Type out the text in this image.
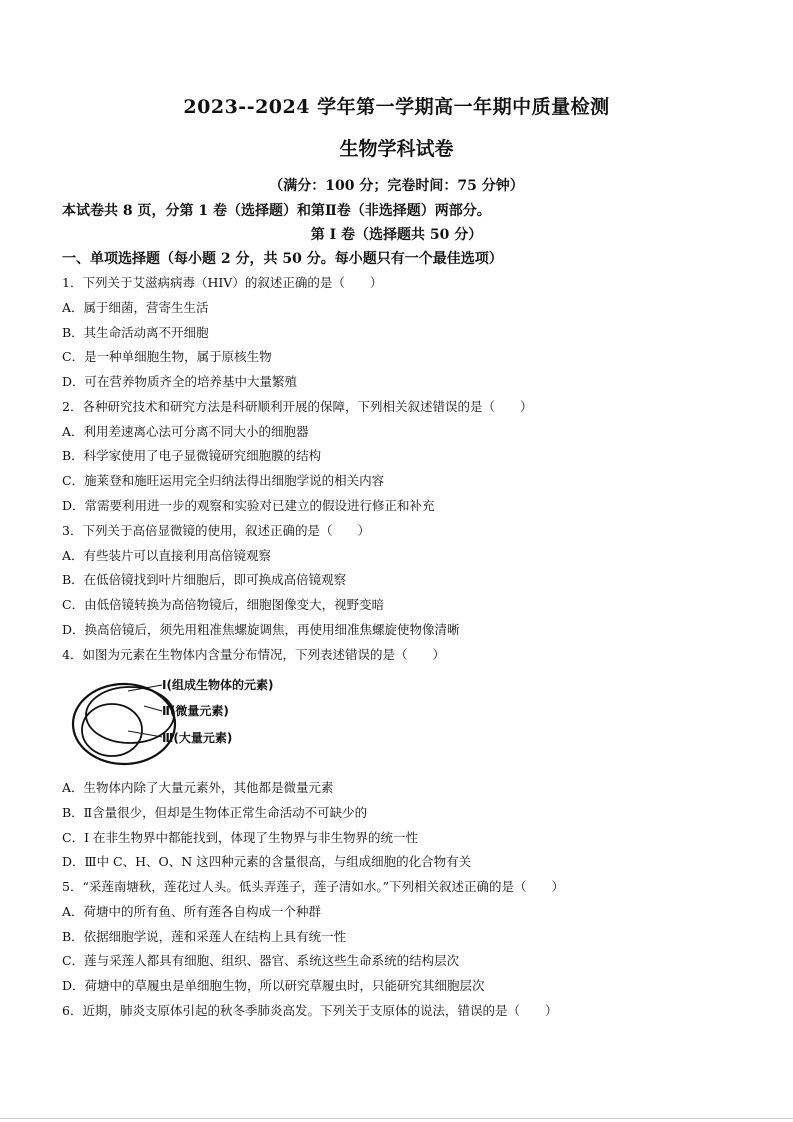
2023--2024 学年第一学期高一年期中质量检测
生物学科试卷
（满分：100 分；完卷时间：75 分钟）
本试卷共 8 页，分第 1 卷（选择题）和第Ⅱ卷（非选择题）两部分。
第 I 卷（选择题共 50 分）
一、单项选择题（每小题 2 分，共 50 分。每小题只有一个最佳选项）
1．下列关于艾滋病病毒（HIV）的叙述正确的是（　　）
A．属于细菌，营寄生生活
B．其生命活动离不开细胞
C．是一种单细胞生物，属于原核生物
D．可在营养物质齐全的培养基中大量繁殖
2．各种研究技术和研究方法是科研顺利开展的保障，下列相关叙述错误的是（　　）
A．利用差速离心法可分离不同大小的细胞器
B．科学家使用了电子显微镜研究细胞膜的结构
C．施莱登和施旺运用完全归纳法得出细胞学说的相关内容
D．常需要利用进一步的观察和实验对已建立的假设进行修正和补充
3．下列关于高倍显微镜的使用，叙述正确的是（　　）
A．有些装片可以直接利用高倍镜观察
B．在低倍镜找到叶片细胞后，即可换成高倍镜观察
C．由低倍镜转换为高倍物镜后，细胞图像变大，视野变暗
D．换高倍镜后，须先用粗准焦螺旋调焦，再使用细准焦螺旋使物像清晰
4．如图为元素在生物体内含量分布情况，下列表述错误的是（　　）
Ⅰ(组成生物体的元素)
Ⅱ(微量元素)
Ⅲ(大量元素)
A．生物体内除了大量元素外，其他都是微量元素
B．Ⅱ含量很少，但却是生物体正常生命活动不可缺少的
C．I 在非生物界中都能找到，体现了生物界与非生物界的统一性
D．Ⅲ中 C、H、O、N 这四种元素的含量很高，与组成细胞的化合物有关
5．“采莲南塘秋，莲花过人头。低头弄莲子，莲子清如水。”下列相关叙述正确的是（　　）
A．荷塘中的所有鱼、所有莲各自构成一个种群
B．依据细胞学说，莲和采莲人在结构上具有统一性
C．莲与采莲人都具有细胞、组织、器官、系统这些生命系统的结构层次
D．荷塘中的草履虫是单细胞生物，所以研究草履虫时，只能研究其细胞层次
6．近期，肺炎支原体引起的秋冬季肺炎高发。下列关于支原体的说法，错误的是（　　）
